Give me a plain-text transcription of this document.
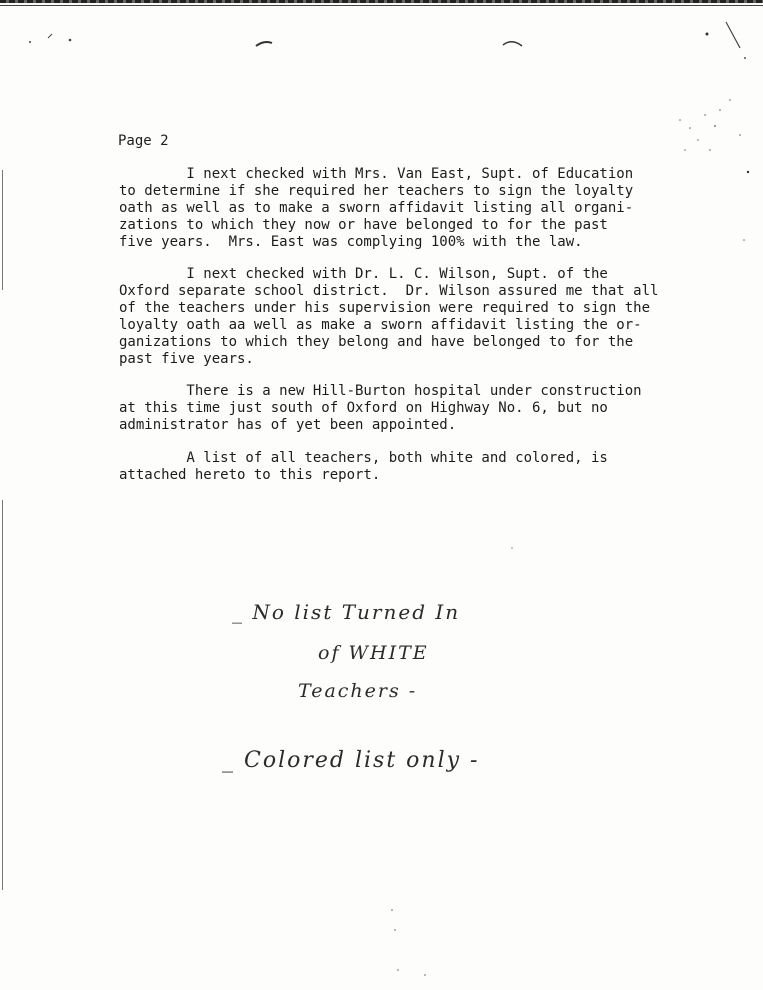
Page 2

I next checked with Mrs. Van East, Supt. of Education
to determine if she required her teachers to sign the loyalty
oath as well as to make a sworn affidavit listing all organi-
zations to which they now or have belonged to for the past
five years.  Mrs. East was complying 100% with the law.

I next checked with Dr. L. C. Wilson, Supt. of the
Oxford separate school district.  Dr. Wilson assured me that all
of the teachers under his supervision were required to sign the
loyalty oath aa well as make a sworn affidavit listing the or-
ganizations to which they belong and have belonged to for the
past five years.

There is a new Hill-Burton hospital under construction
at this time just south of Oxford on Highway No. 6, but no
administrator has of yet been appointed.

A list of all teachers, both white and colored, is
attached hereto to this report.

_ No list Turned In
of WHITE
Teachers -
_ Colored list only -
